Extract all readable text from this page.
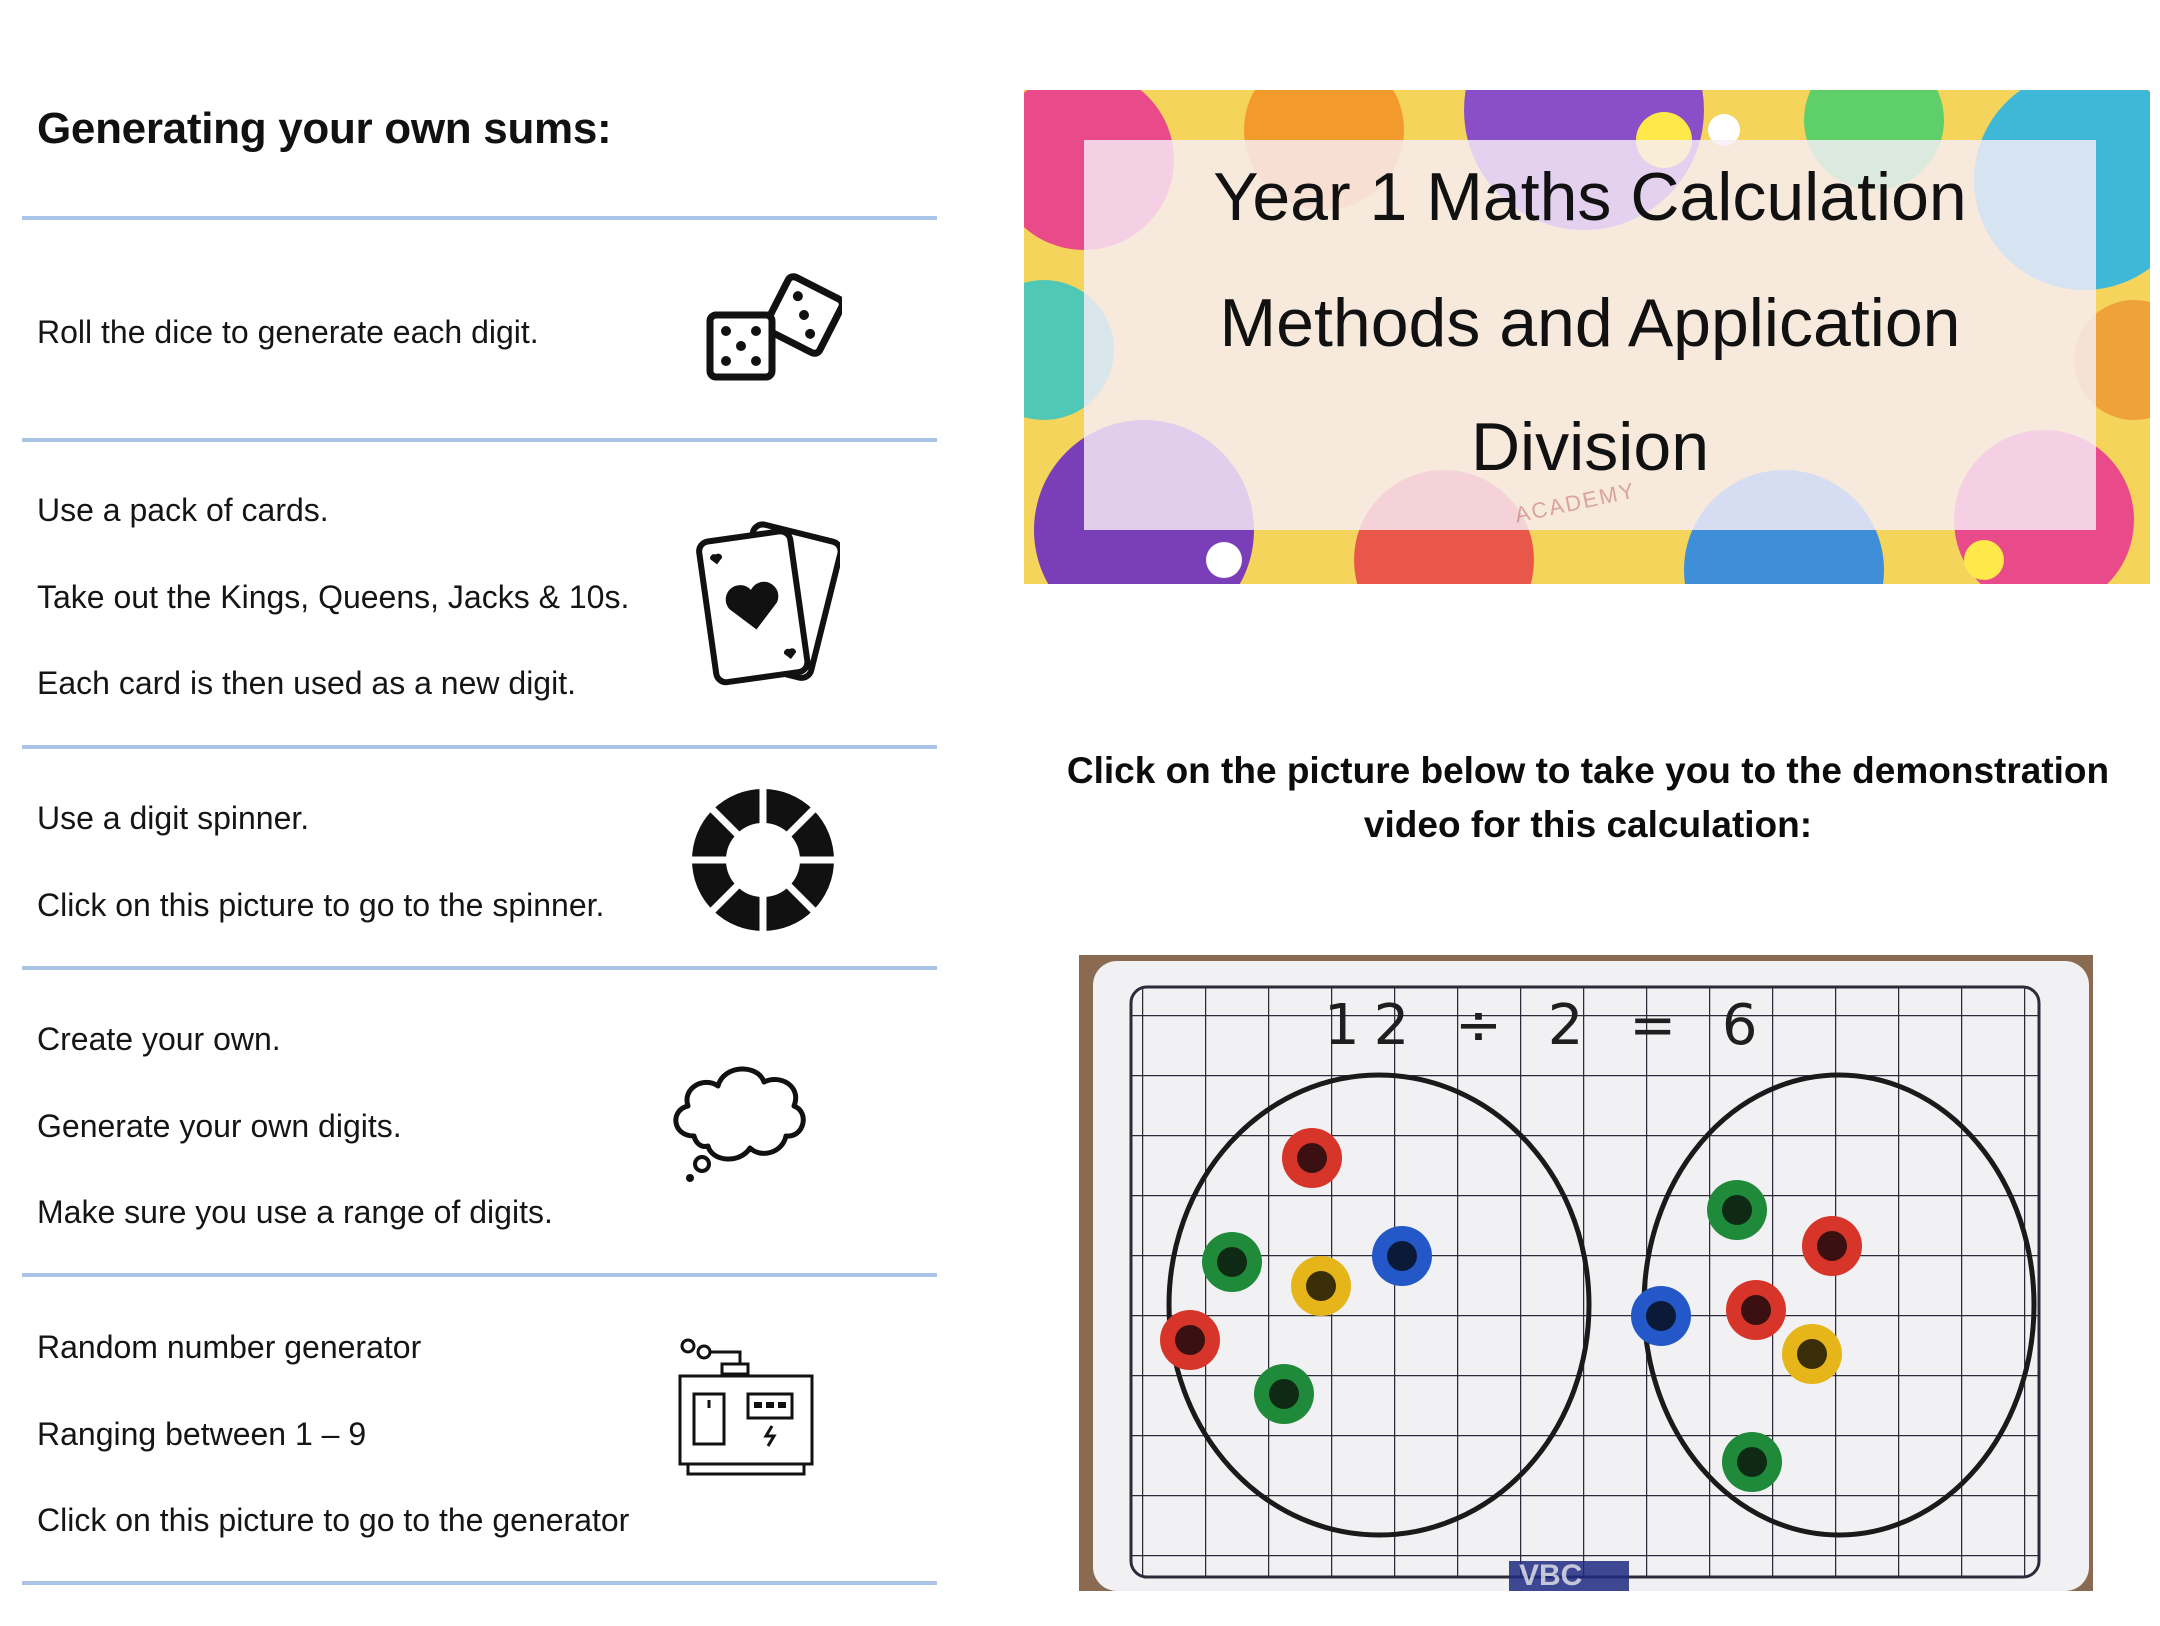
Generating your own sums:
Roll the dice to generate each digit.
Use a pack of cards.
Take out the Kings, Queens, Jacks & 10s.
Each card is then used as a new digit.
Use a digit spinner.
Click on this picture to go to the spinner.
Create your own.
Generate your own digits.
Make sure you use a range of digits.
Random number generator
Ranging between 1 – 9
Click on this picture to go to the generator
Year 1 Maths Calculation
Methods and Application
Division
ACADEMY
Click on the picture below to take you to the demonstration
video for this calculation:
12 ÷ 2 = 6
VBC
